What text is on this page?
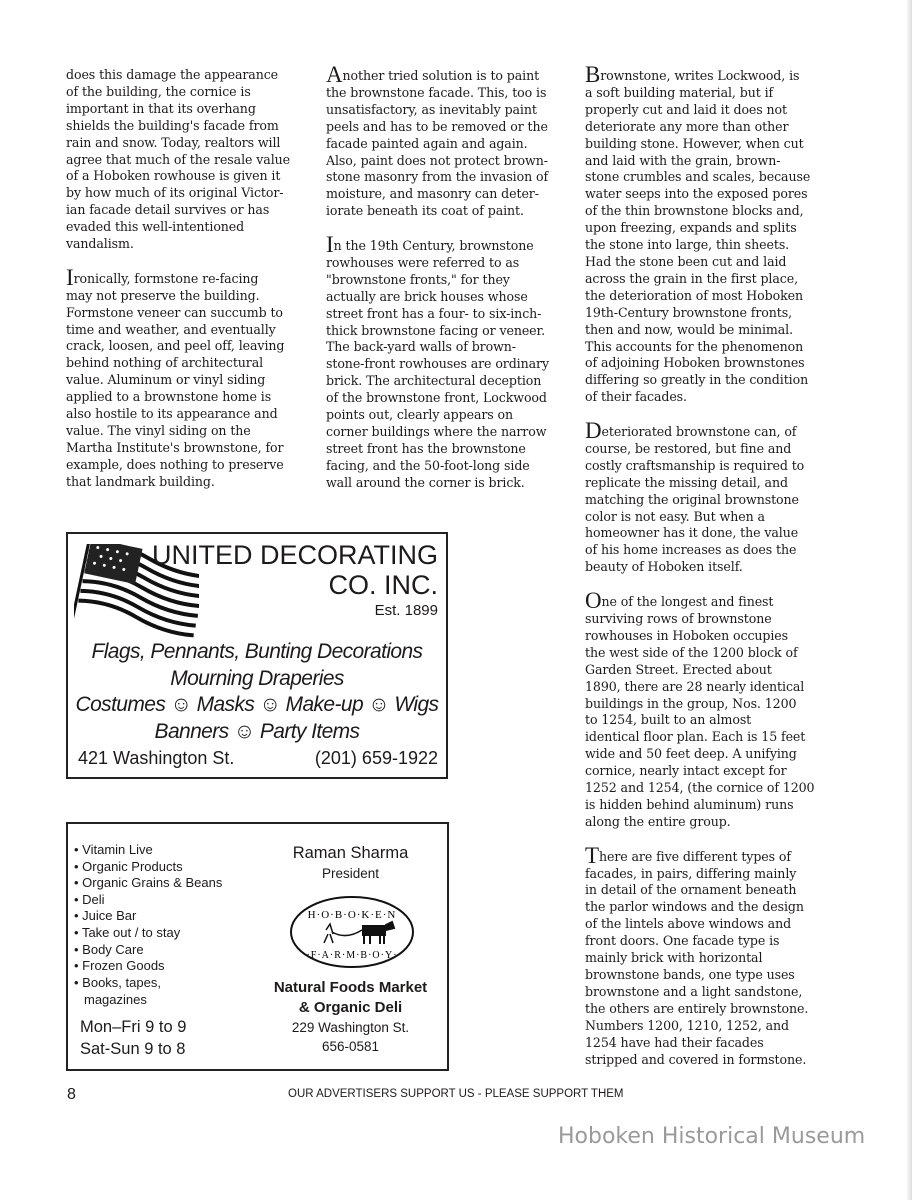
does this damage the appearance
of the building, the cornice is
important in that its overhang
shields the building's facade from
rain and snow. Today, realtors will
agree that much of the resale value
of a Hoboken rowhouse is given it
by how much of its original Victor-
ian facade detail survives or has
evaded this well-intentioned
vandalism.
Ironically, formstone re-facing
may not preserve the building.
Formstone veneer can succumb to
time and weather, and eventually
crack, loosen, and peel off, leaving
behind nothing of architectural
value. Aluminum or vinyl siding
applied to a brownstone home is
also hostile to its appearance and
value. The vinyl siding on the
Martha Institute's brownstone, for
example, does nothing to preserve
that landmark building.
Another tried solution is to paint
the brownstone facade. This, too is
unsatisfactory, as inevitably paint
peels and has to be removed or the
facade painted again and again.
Also, paint does not protect brown-
stone masonry from the invasion of
moisture, and masonry can deter-
iorate beneath its coat of paint.
In the 19th Century, brownstone
rowhouses were referred to as
"brownstone fronts," for they
actually are brick houses whose
street front has a four- to six-inch-
thick brownstone facing or veneer.
The back-yard walls of brown-
stone-front rowhouses are ordinary
brick. The architectural deception
of the brownstone front, Lockwood
points out, clearly appears on
corner buildings where the narrow
street front has the brownstone
facing, and the 50-foot-long side
wall around the corner is brick.
Brownstone, writes Lockwood, is
a soft building material, but if
properly cut and laid it does not
deteriorate any more than other
building stone. However, when cut
and laid with the grain, brown-
stone crumbles and scales, because
water seeps into the exposed pores
of the thin brownstone blocks and,
upon freezing, expands and splits
the stone into large, thin sheets.
Had the stone been cut and laid
across the grain in the first place,
the deterioration of most Hoboken
19th-Century brownstone fronts,
then and now, would be minimal.
This accounts for the phenomenon
of adjoining Hoboken brownstones
differing so greatly in the condition
of their facades.
Deteriorated brownstone can, of
course, be restored, but fine and
costly craftsmanship is required to
replicate the missing detail, and
matching the original brownstone
color is not easy. But when a
homeowner has it done, the value
of his home increases as does the
beauty of Hoboken itself.
One of the longest and finest
surviving rows of brownstone
rowhouses in Hoboken occupies
the west side of the 1200 block of
Garden Street. Erected about
1890, there are 28 nearly identical
buildings in the group, Nos. 1200
to 1254, built to an almost
identical floor plan. Each is 15 feet
wide and 50 feet deep. A unifying
cornice, nearly intact except for
1252 and 1254, (the cornice of 1200
is hidden behind aluminum) runs
along the entire group.
There are five different types of
facades, in pairs, differing mainly
in detail of the ornament beneath
the parlor windows and the design
of the lintels above windows and
front doors. One facade type is
mainly brick with horizontal
brownstone bands, one type uses
brownstone and a light sandstone,
the others are entirely brownstone.
Numbers 1200, 1210, 1252, and
1254 have had their facades
stripped and covered in formstone.
UNITED DECORATING
CO. INC.
Est. 1899
Flags, Pennants, Bunting Decorations
Mourning Draperies
Costumes ☺ Masks ☺ Make-up ☺ Wigs
Banners ☺ Party Items
421 Washington St.	(201) 659-1922
• Vitamin Live
• Organic Products
• Organic Grains & Beans
• Deli
• Juice Bar
• Take out / to stay
• Body Care
• Frozen Goods
• Books, tapes,
magazines
Mon–Fri 9 to 9
Sat-Sun 9 to 8
Raman Sharma
President
H·O·B·O·K·E·N
·F·A·R·M·B·O·Y·
Natural Foods Market
& Organic Deli
229 Washington St.
656-0581
8	OUR ADVERTISERS SUPPORT US - PLEASE SUPPORT THEM
Hoboken Historical Museum
